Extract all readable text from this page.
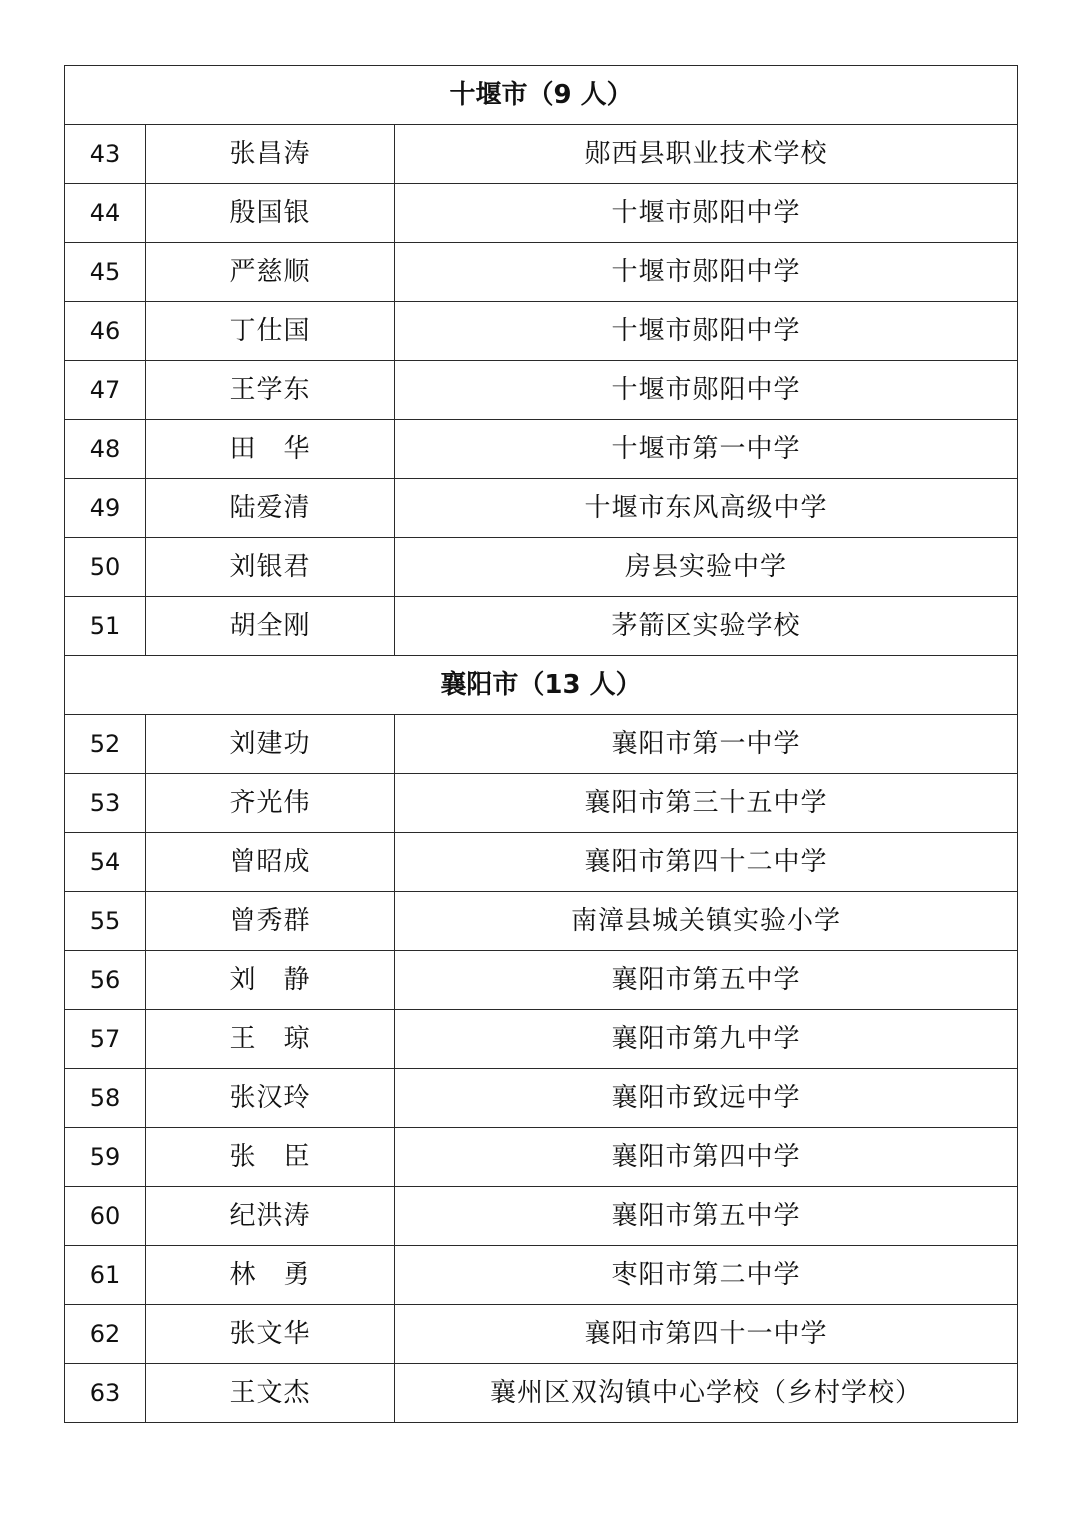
十堰市（9 人）		
43	张昌涛	郧西县职业技术学校
44	殷国银	十堰市郧阳中学
45	严慈顺	十堰市郧阳中学
46	丁仕国	十堰市郧阳中学
47	王学东	十堰市郧阳中学
48	田　华	十堰市第一中学
49	陆爱清	十堰市东风高级中学
50	刘银君	房县实验中学
51	胡全刚	茅箭区实验学校
襄阳市（13 人）		
52	刘建功	襄阳市第一中学
53	齐光伟	襄阳市第三十五中学
54	曾昭成	襄阳市第四十二中学
55	曾秀群	南漳县城关镇实验小学
56	刘　静	襄阳市第五中学
57	王　琼	襄阳市第九中学
58	张汉玲	襄阳市致远中学
59	张　臣	襄阳市第四中学
60	纪洪涛	襄阳市第五中学
61	林　勇	枣阳市第二中学
62	张文华	襄阳市第四十一中学
63	王文杰	襄州区双沟镇中心学校（乡村学校）
